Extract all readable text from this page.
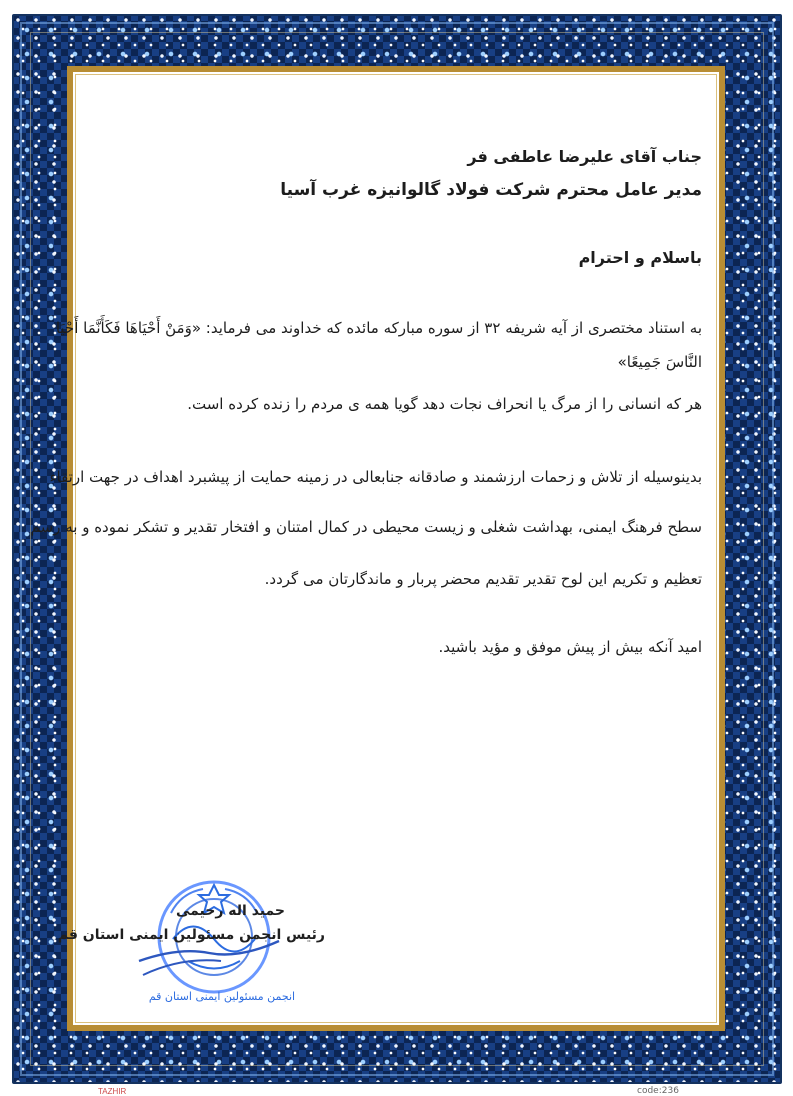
جناب آقای علیرضا عاطفی فر
مدیر عامل محترم شرکت فولاد گالوانیزه غرب آسیا
باسلام و احترام
به استناد مختصری از آیه شریفه ۳۲ از سوره مبارکه مائده که خداوند می فرماید: «وَمَنْ أَحْيَاهَا فَكَأَنَّمَا أَحْيَا
النَّاسَ جَمِيعًا»
هر که انسانی را از مرگ یا انحراف نجات دهد گویا همه ی مردم را زنده کرده است.
بدینوسیله از تلاش و زحمات ارزشمند و صادقانه جنابعالی در زمینه حمایت از پیشبرد اهداف در جهت ارتقاء
سطح فرهنگ ایمنی، بهداشت شغلی و زیست محیطی در کمال امتنان و افتخار تقدیر و تشکر نموده و به رسم
تعظیم و تکریم این لوح تقدیر تقدیم محضر پربار و ماندگارتان می گردد.
امید آنکه بیش از پیش موفق و مؤید باشید.
حمید اله رحیمی
رئیس انجمن مسئولین ایمنی استان قم
انجمن مسئولین ایمنی استان قم
TAZHIR	code:236
